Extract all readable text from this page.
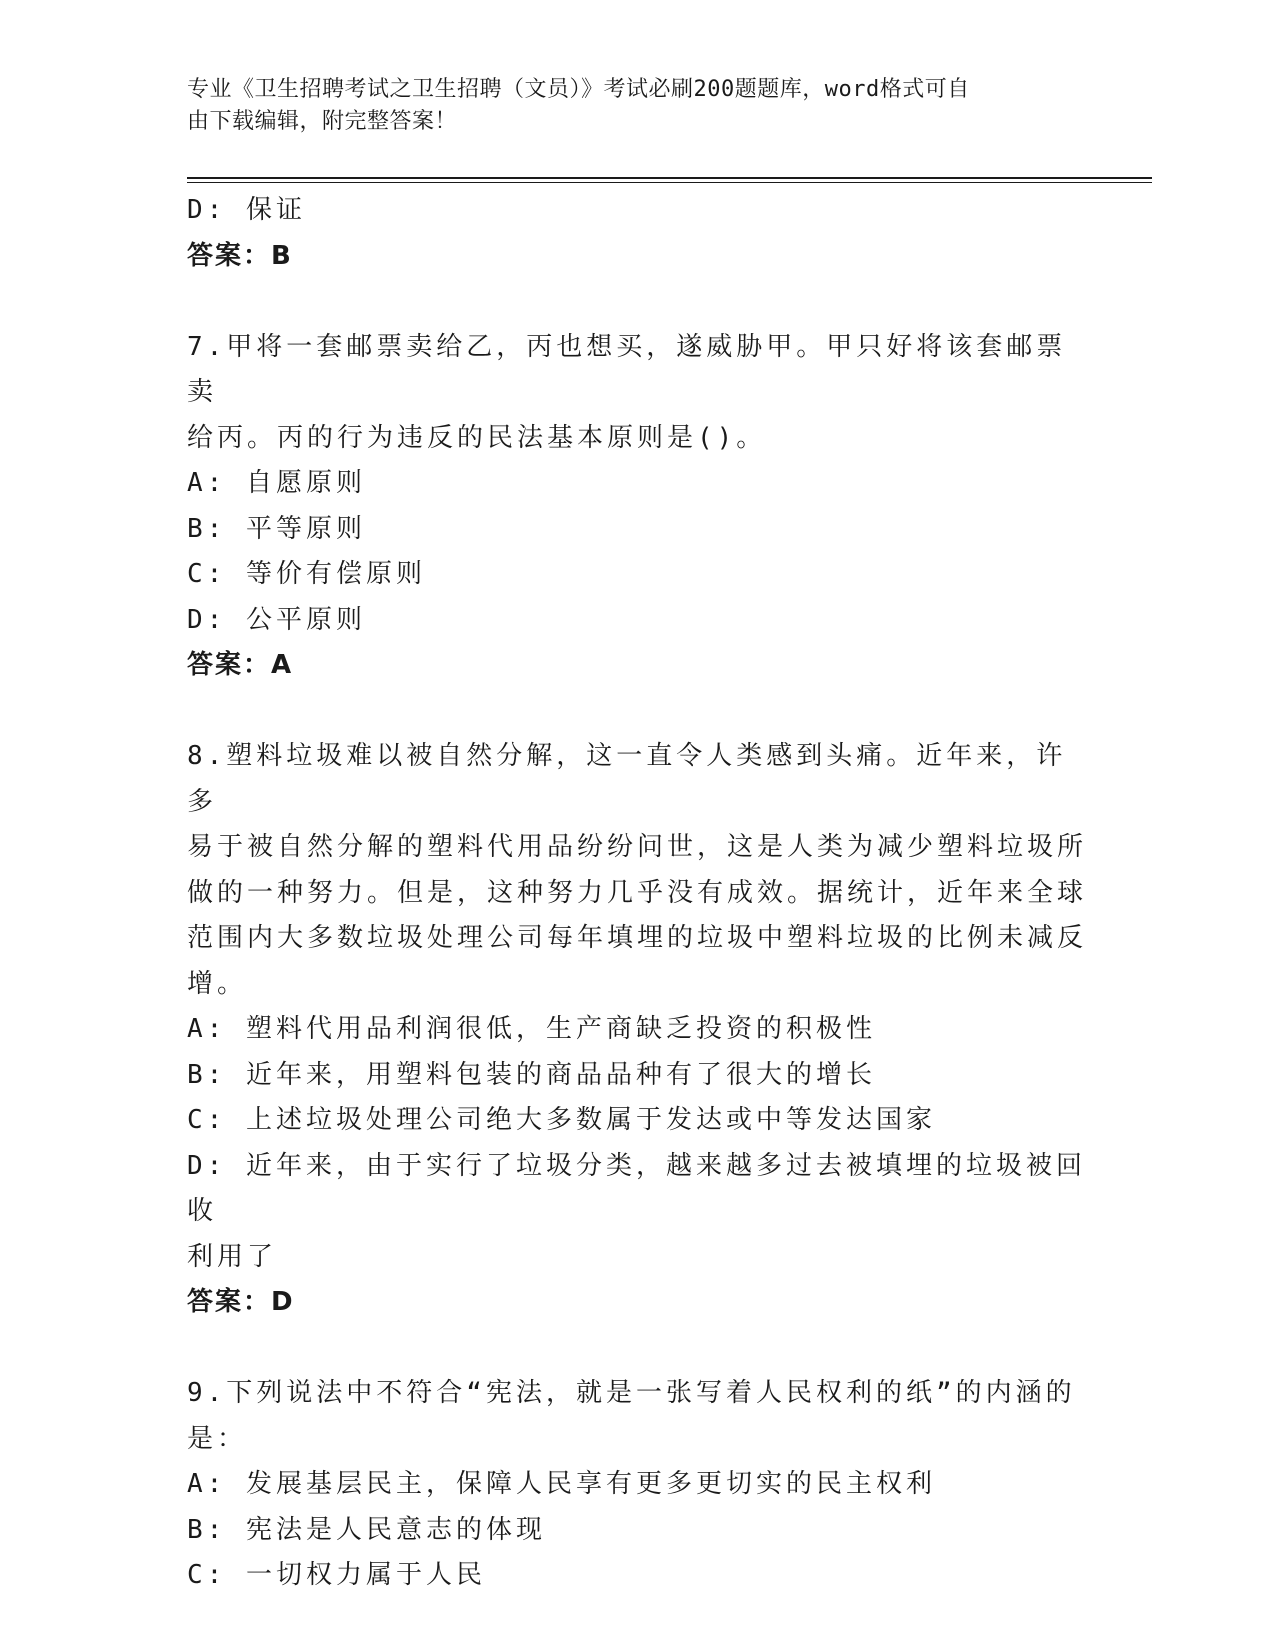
专业《卫生招聘考试之卫生招聘（文员）》考试必刷200题题库，word格式可自
由下载编辑，附完整答案！
D: 保证
答案：B
7.甲将一套邮票卖给乙，丙也想买，遂威胁甲。甲只好将该套邮票卖
给丙。丙的行为违反的民法基本原则是()。
A: 自愿原则
B: 平等原则
C: 等价有偿原则
D: 公平原则
答案：A
8.塑料垃圾难以被自然分解，这一直令人类感到头痛。近年来，许多
易于被自然分解的塑料代用品纷纷问世，这是人类为减少塑料垃圾所
做的一种努力。但是，这种努力几乎没有成效。据统计，近年来全球
范围内大多数垃圾处理公司每年填埋的垃圾中塑料垃圾的比例未减反
增。
A: 塑料代用品利润很低，生产商缺乏投资的积极性
B: 近年来，用塑料包装的商品品种有了很大的增长
C: 上述垃圾处理公司绝大多数属于发达或中等发达国家
D: 近年来，由于实行了垃圾分类，越来越多过去被填埋的垃圾被回收
利用了
答案：D
9.下列说法中不符合“宪法，就是一张写着人民权利的纸”的内涵的
是：
A: 发展基层民主，保障人民享有更多更切实的民主权利
B: 宪法是人民意志的体现
C: 一切权力属于人民
